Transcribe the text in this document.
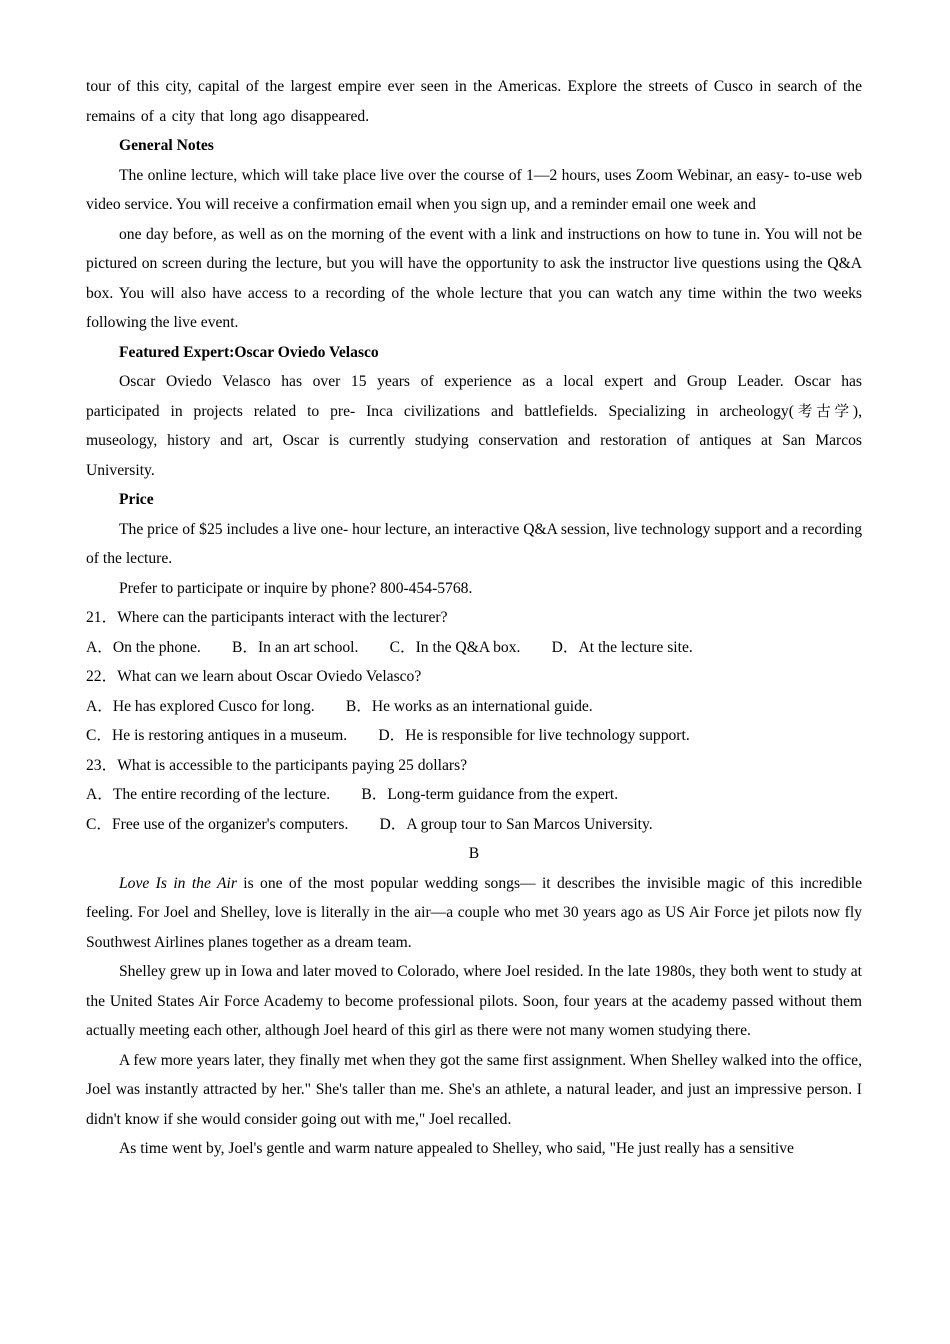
tour of this city, capital of the largest empire ever seen in the Americas. Explore the streets of Cusco in search of the remains of a city that long ago disappeared.

General Notes

The online lecture, which will take place live over the course of 1—2 hours, uses Zoom Webinar, an easy- to-use web video service. You will receive a confirmation email when you sign up, and a reminder email one week and

one day before, as well as on the morning of the event with a link and instructions on how to tune in. You will not be pictured on screen during the lecture, but you will have the opportunity to ask the instructor live questions using the Q&A box. You will also have access to a recording of the whole lecture that you can watch any time within the two weeks following the live event.

Featured Expert:Oscar Oviedo Velasco

Oscar Oviedo Velasco has over 15 years of experience as a local expert and Group Leader. Oscar has participated in projects related to pre- Inca civilizations and battlefields. Specializing in archeology(考古学), museology, history and art, Oscar is currently studying conservation and restoration of antiques at San Marcos University.

Price

The price of $25 includes a live one- hour lecture, an interactive Q&A session, live technology support and a recording of the lecture.

Prefer to participate or inquire by phone? 800-454-5768.

21．Where can the participants interact with the lecturer?

A．On the phone.        B．In an art school.        C．In the Q&A box.        D．At the lecture site.

22．What can we learn about Oscar Oviedo Velasco?

A．He has explored Cusco for long.        B．He works as an international guide.

C．He is restoring antiques in a museum.        D．He is responsible for live technology support.

23．What is accessible to the participants paying 25 dollars?

A．The entire recording of the lecture.        B．Long-term guidance from the expert.

C．Free use of the organizer's computers.        D．A group tour to San Marcos University.

B

Love Is in the Air is one of the most popular wedding songs— it describes the invisible magic of this incredible feeling. For Joel and Shelley, love is literally in the air—a couple who met 30 years ago as US Air Force jet pilots now fly Southwest Airlines planes together as a dream team.

Shelley grew up in Iowa and later moved to Colorado, where Joel resided. In the late 1980s, they both went to study at the United States Air Force Academy to become professional pilots. Soon, four years at the academy passed without them actually meeting each other, although Joel heard of this girl as there were not many women studying there.

A few more years later, they finally met when they got the same first assignment. When Shelley walked into the office, Joel was instantly attracted by her." She's taller than me. She's an athlete, a natural leader, and just an impressive person. I didn't know if she would consider going out with me," Joel recalled.

As time went by, Joel's gentle and warm nature appealed to Shelley, who said, "He just really has a sensitive
